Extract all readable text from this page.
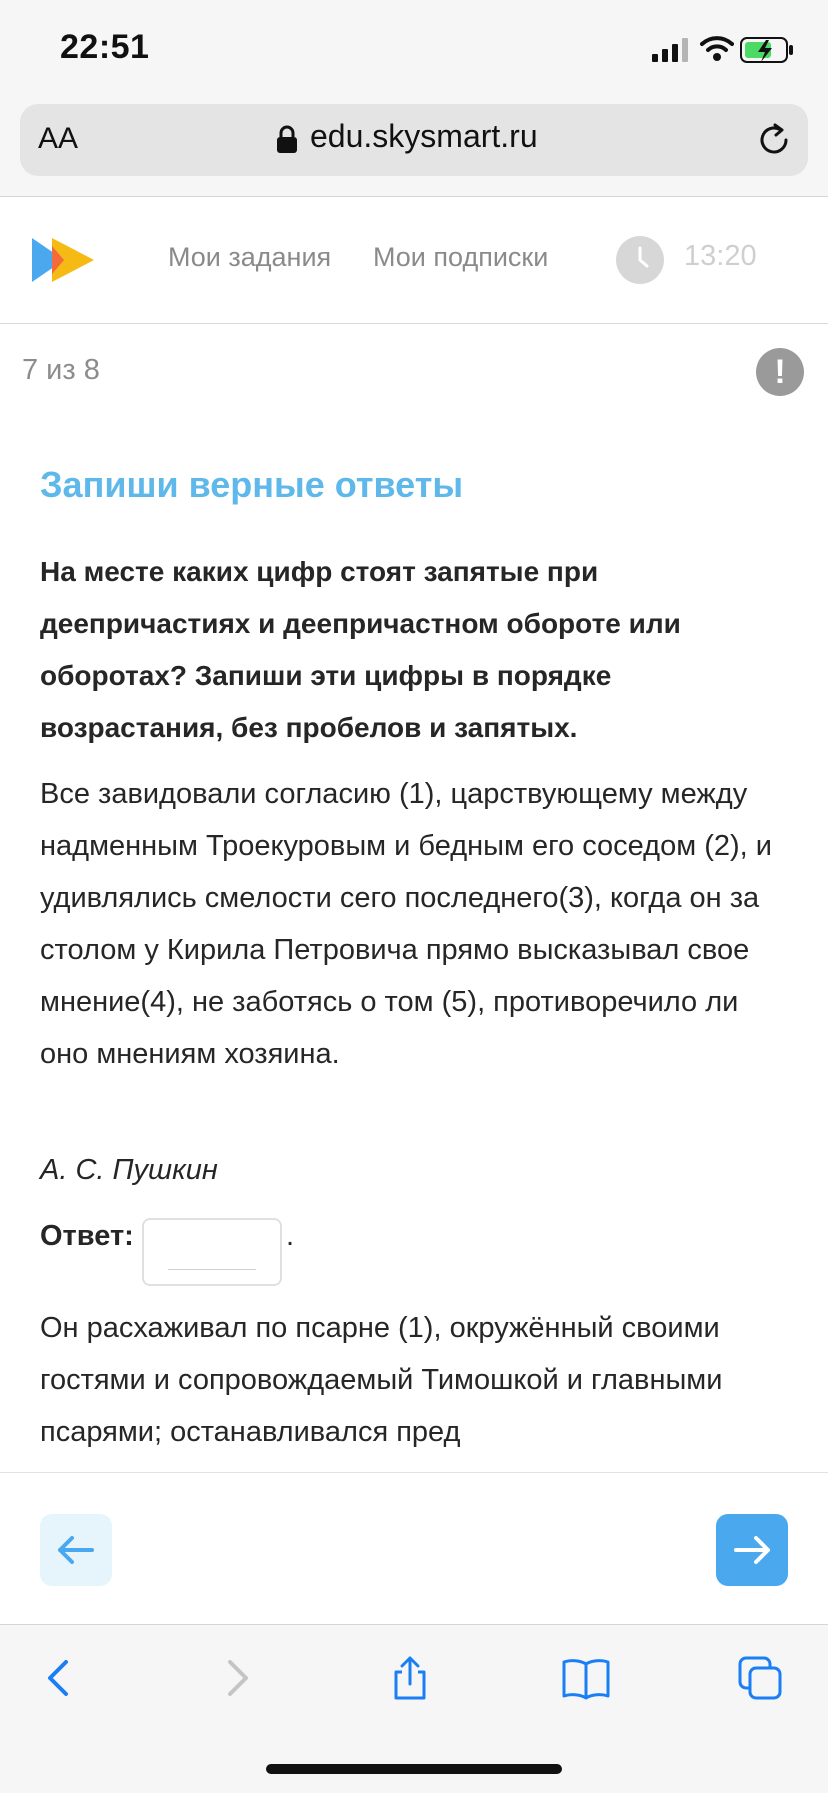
22:51
AA	edu.skysmart.ru
Мои задания Мои подписки	13:20
7 из 8	!
Запиши верные ответы
На месте каких цифр стоят запятые при деепричастиях и деепричастном обороте или оборотах? Запиши эти цифры в порядке возрастания, без пробелов и запятых.
Все завидовали согласию (1), царствующему между надменным Троекуровым и бедным его соседом (2), и удивлялись смелости сего последнего(3), когда он за столом у Кирила Петровича прямо высказывал свое мнение(4), не заботясь о том (5), противоречило ли оно мнениям хозяина.
А. С. Пушкин
Ответ:	.
Он расхаживал по псарне (1), окружённый своими гостями и сопровождаемый Тимошкой и главными псарями; останавливался пред
